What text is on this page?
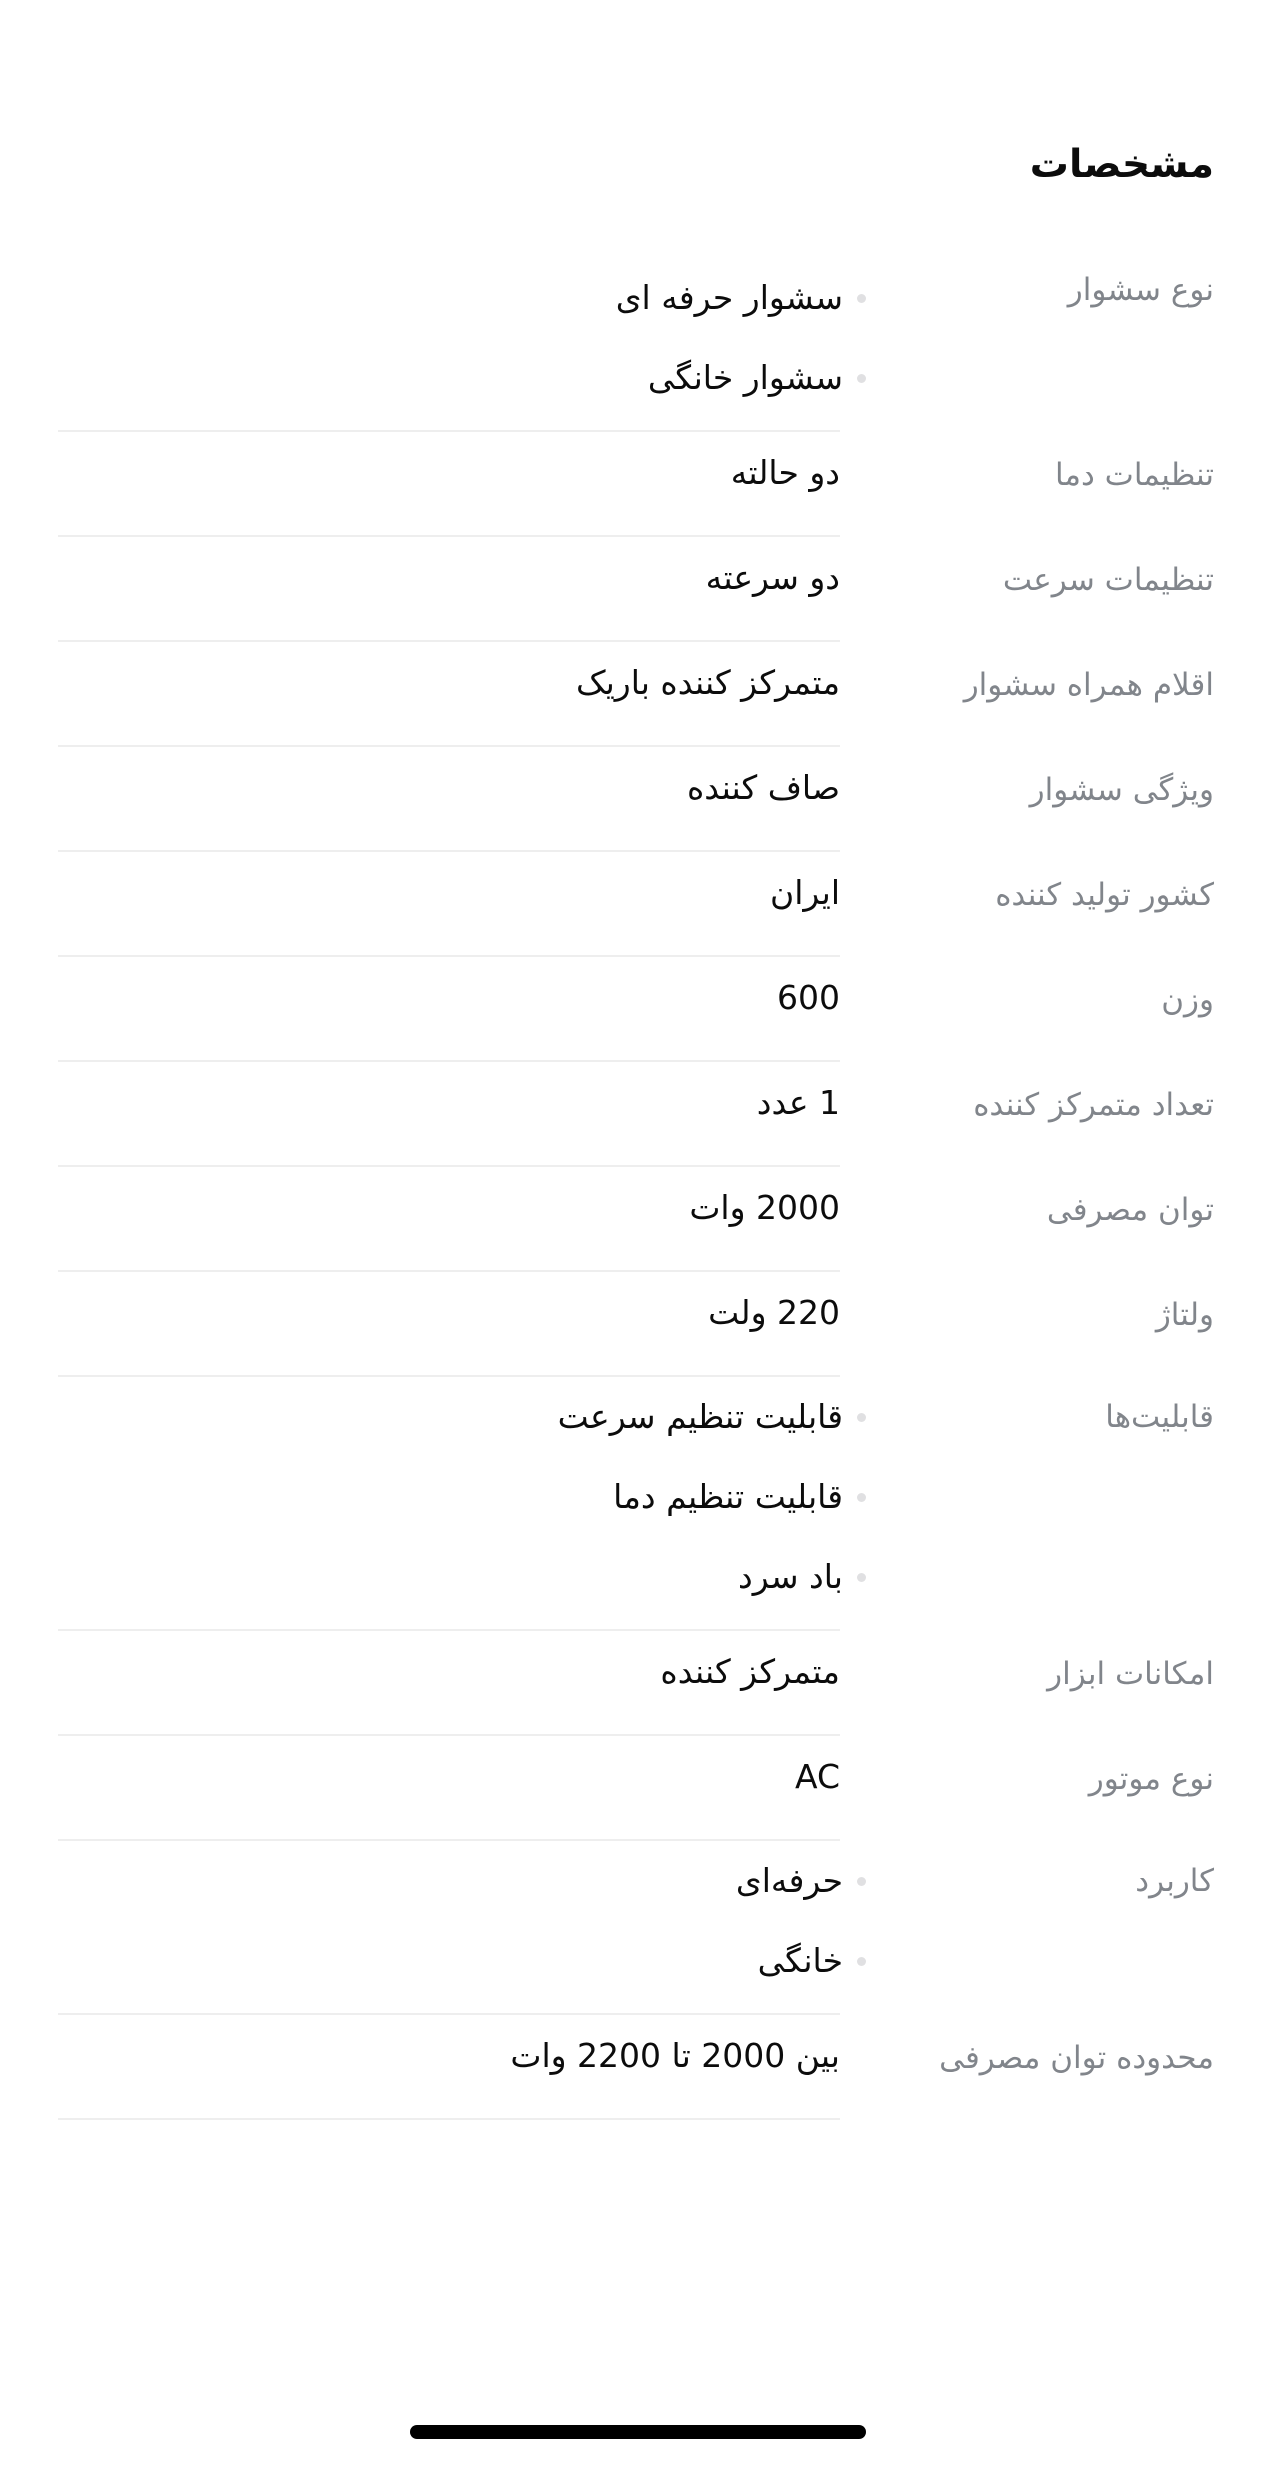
مشخصات
نوع سشوار
سشوار حرفه ای
سشوار خانگی
تنظیمات دما
دو حالته
تنظیمات سرعت
دو سرعته
اقلام همراه سشوار
متمرکز کننده باریک
ویژگی سشوار
صاف کننده
کشور تولید کننده
ایران
وزن
600
تعداد متمرکز کننده
1 عدد
توان مصرفی
2000 وات
ولتاژ
220 ولت
قابلیت‌ها
قابلیت تنظیم سرعت
قابلیت تنظیم دما
باد سرد
امکانات ابزار
متمرکز کننده
نوع موتور
AC
کاربرد
حرفه‌ای
خانگی
محدوده توان مصرفی
بین 2000 تا 2200 وات
